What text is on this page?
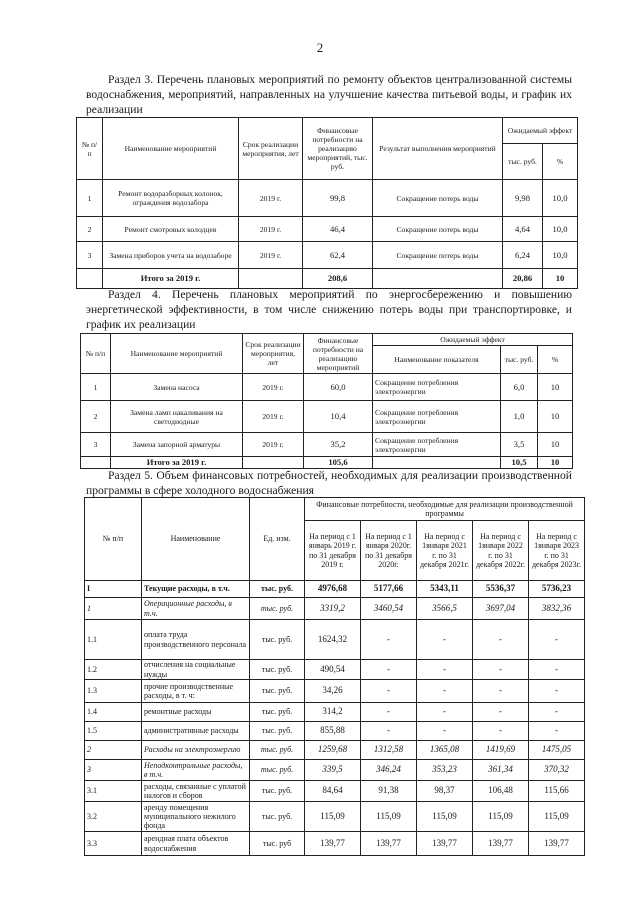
2
Раздел 3. Перечень плановых мероприятий по ремонту объектов централизованной системы водоснабжения, мероприятий, направленных на улучшение качества питьевой воды, и график их реализации
№ п/ п	Наименование мероприятий	Срок реализации мероприятия, лет	Финансовые потребности на реализацию мероприятий, тыс. руб.	Результат выполнения мероприятий	Ожидаемый эффект	
					тыс. руб.	%
1	Ремонт водоразборных колонок, ограждения водозабора	2019 г.	99,8	Сокращение потерь воды	9,98	10,0
2	Ремонт смотровых колодцев	2019 г.	46,4	Сокращение потерь воды	4,64	10,0
3	Замена приборов учета на водозаборе	2019 г.	62,4	Сокращение потерь воды	6,24	10,0
	Итого за 2019 г.		208,6		20,86	10
Раздел 4. Перечень плановых мероприятий по энергосбережению и повышению энергетической эффективности, в том числе снижению потерь воды при транспортировке, и график их реализации
№ п/п	Наименование мероприятий	Срок реализации мероприятия, лет	Финансовые потребности на реализацию мероприятий	Ожидаемый эффект		
				Наименование показателя	тыс. руб.	%
1	Замена насоса	2019 г.	60,0	Сокращение потребления электроэнергии	6,0	10
2	Замена ламп накаливания на светодиодные	2019 г.	10,4	Сокращение потребления электроэнергии	1,0	10
3	Замена запорной арматуры	2019 г.	35,2	Сокращение потребления электроэнергии	3,5	10
	Итого за 2019 г.		105,6		10,5	10
Раздел 5. Объем финансовых потребностей, необходимых для реализации производственной программы в сфере холодного водоснабжения
№ п/п	Наименование	Ед. изм.	Финансовые потребности, необходимые для реализации производственной программы				
			На период с 1 январь 2019 г. по 31 декабря 2019 г.	На период с 1 января 2020г. по 31 декабря 2020г.	На период с 1января 2021 г. по 31 декабря 2021г.	На период с 1января 2022 г. по 31 декабря 2022г.	На период с 1января 2023 г. по 31 декабря 2023г.
I	Текущие расходы, в т.ч.	тыс. руб.	4976,68	5177,66	5343,11	5536,37	5736,23
1	Операционные расходы, в т.ч.	тыс. руб.	3319,2	3460,54	3566,5	3697,04	3832,36
1.1	оплата труда производственного персонала	тыс. руб.	1624,32	-	-	-	-
1.2	отчисления на социальные нужды	тыс. руб.	490,54	-	-	-	-
1.3	прочие производственные расходы, в т. ч:	тыс. руб.	34,26	-	-	-	-
1.4	ремонтные расходы	тыс. руб.	314,2	-	-	-	-
1.5	административные расходы	тыс. руб.	855,88	-	-	-	-
2	Расходы на электроэнергию	тыс. руб.	1259,68	1312,58	1365,08	1419,69	1475,05
3	Неподконтрольные расходы, в т.ч.	тыс. руб.	339,5	346,24	353,23	361,34	370,32
3.1	расходы, связанные с уплатой налогов и сборов	тыс. руб.	84,64	91,38	98,37	106,48	115,66
3.2	аренду помещения муниципального нежилого фонда	тыс. руб.	115,09	115,09	115,09	115,09	115,09
3.3	арендная плата объектов водоснабжения	тыс. руб	139,77	139,77	139,77	139,77	139,77
